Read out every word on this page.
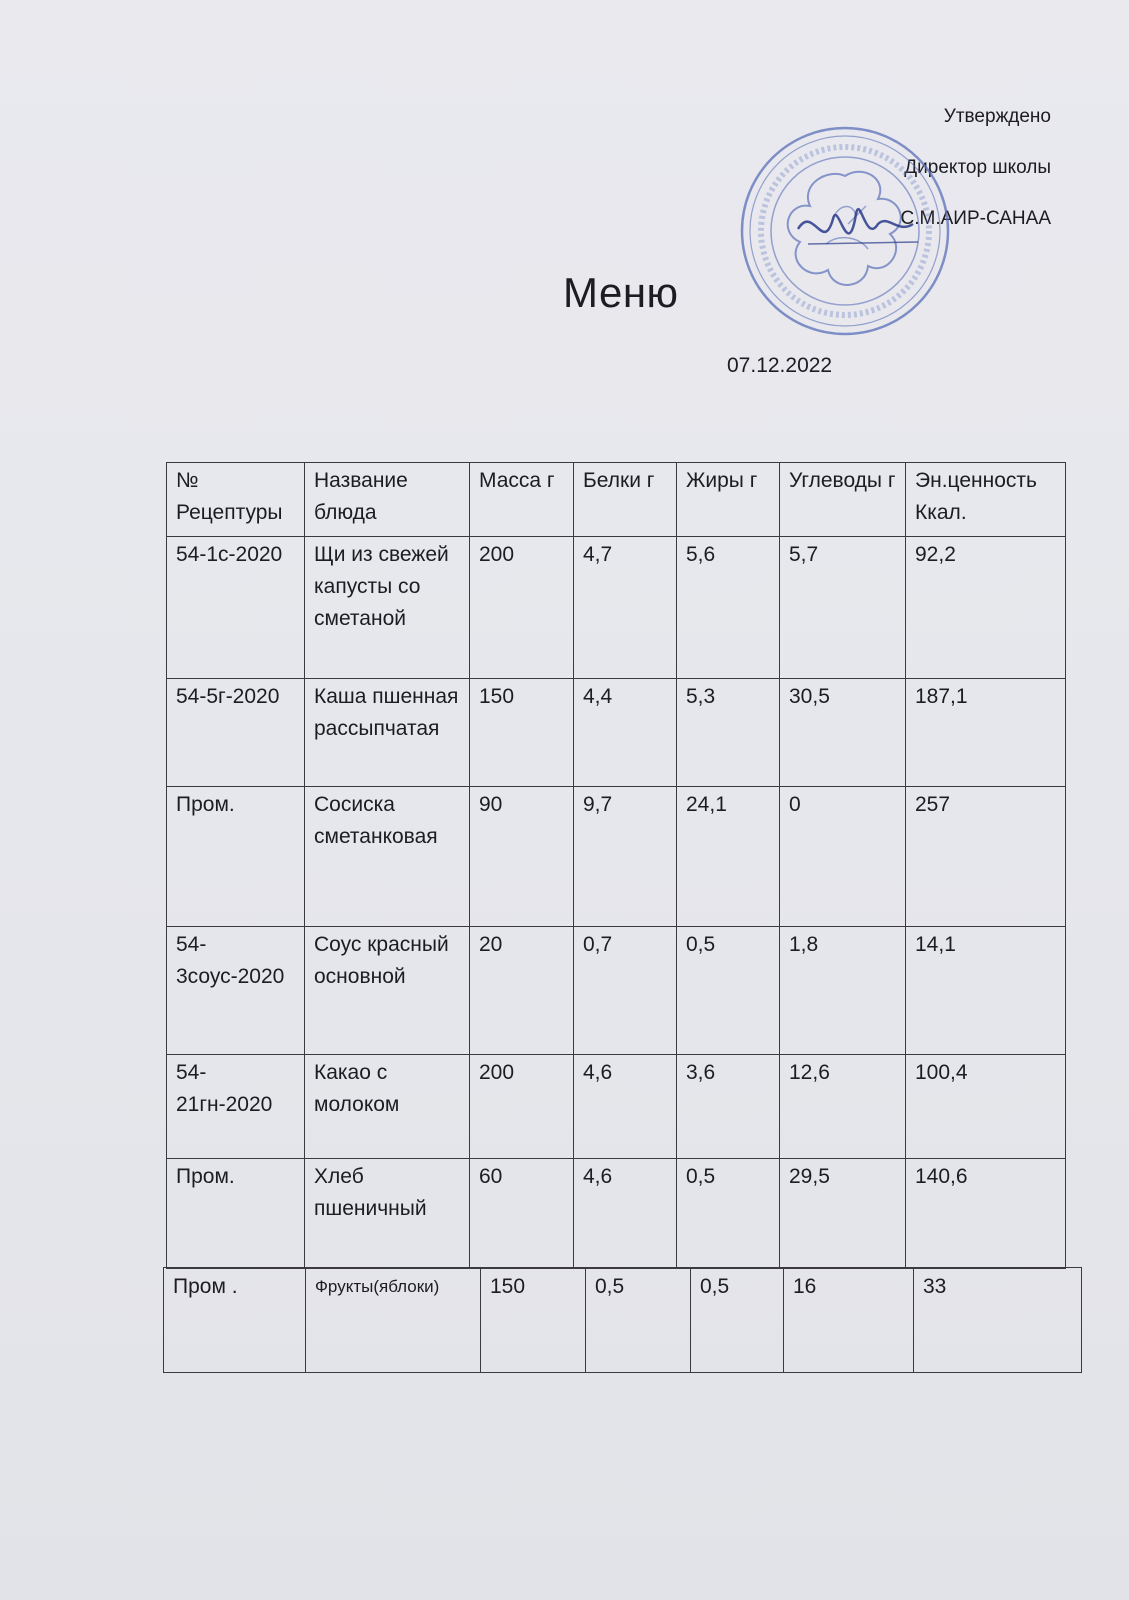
Утверждено
Директор школы
С.М.АИР-САНАА
Меню
07.12.2022
№ Рецептуры	Название блюда	Масса г	Белки г	Жиры г	Углеводы г	Эн.ценность Ккал.
54-1с-2020	Щи из свежей капусты со сметаной	200	4,7	5,6	5,7	92,2
54-5г-2020	Каша пшенная рассыпчатая	150	4,4	5,3	30,5	187,1
Пром.	Сосиска сметанковая	90	9,7	24,1	0	257
54-3соус-2020	Соус красный основной	20	0,7	0,5	1,8	14,1
54-21гн-2020	Какао с молоком	200	4,6	3,6	12,6	100,4
Пром.	Хлеб пшеничный	60	4,6	0,5	29,5	140,6
Пром .	Фрукты(яблоки)	150	0,5	0,5	16	33
